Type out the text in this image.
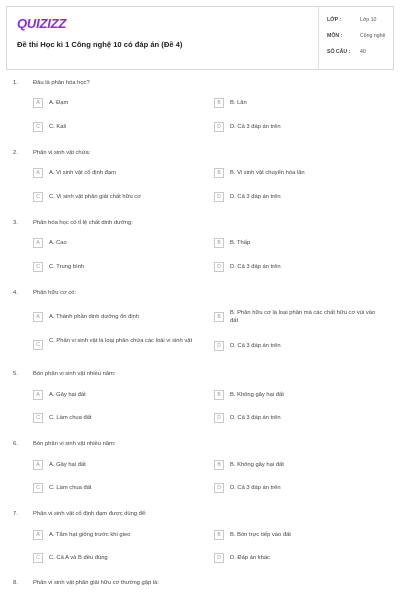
QUIZIZZ
Đề thi Học kì 1 Công nghệ 10 có đáp án (Đề 4)
LỚP :	Lớp 10
MÔN :	Công nghệ
SỐ CÂU : 40
1.	Đâu là phân hóa học?
A	A. Đạm	B	B. Lân
C	C. Kali	D	D. Cả 3 đáp án trên
2.	Phân vi sinh vật chứa:
A	A. Vi sinh vật cố định đạm	B	B. Vi sinh vật chuyển hóa lân
C	C. Vi sinh vật phân giải chất hữu cơ	D	D. Cả 3 đáp án trên
3.	Phân hóa học có tỉ lệ chất dinh dưỡng:
A	A. Cao	B	B. Thấp
C	C. Trung bình	D	D. Cả 3 đáp án trên
4.	Phân hữu cơ có:
A	A. Thành phần dinh dưỡng ổn định	B
B. Phân hữu cơ là loại phân mà các chất hữu cơ vùi vào đất
C
C. Phân vi sinh vật là loại phân chứa các loài vi sinh vật
D	D. Cả 3 đáp án trên
5.	Bón phân vi sinh vật nhiều năm:
A	A. Gây hại đất	B	B. Không gây hại đất
C	C. Làm chua đất	D	D. Cả 3 đáp án trên
6.	Bón phân vi sinh vật nhiều năm:
A	A. Gây hại đất	B	B. Không gây hại đất
C	C. Làm chua đất	D	D. Cả 3 đáp án trên
7.	Phân vi sinh vật cố định đạm được dùng để:
A	A. Tẩm hạt giống trước khi gieo	B	B. Bón trực tiếp vào đất
C	C. Cả A và B đều đúng	D	D. Đáp án khác
8.	Phân vi sinh vật phân giải hữu cơ thường gặp là:
